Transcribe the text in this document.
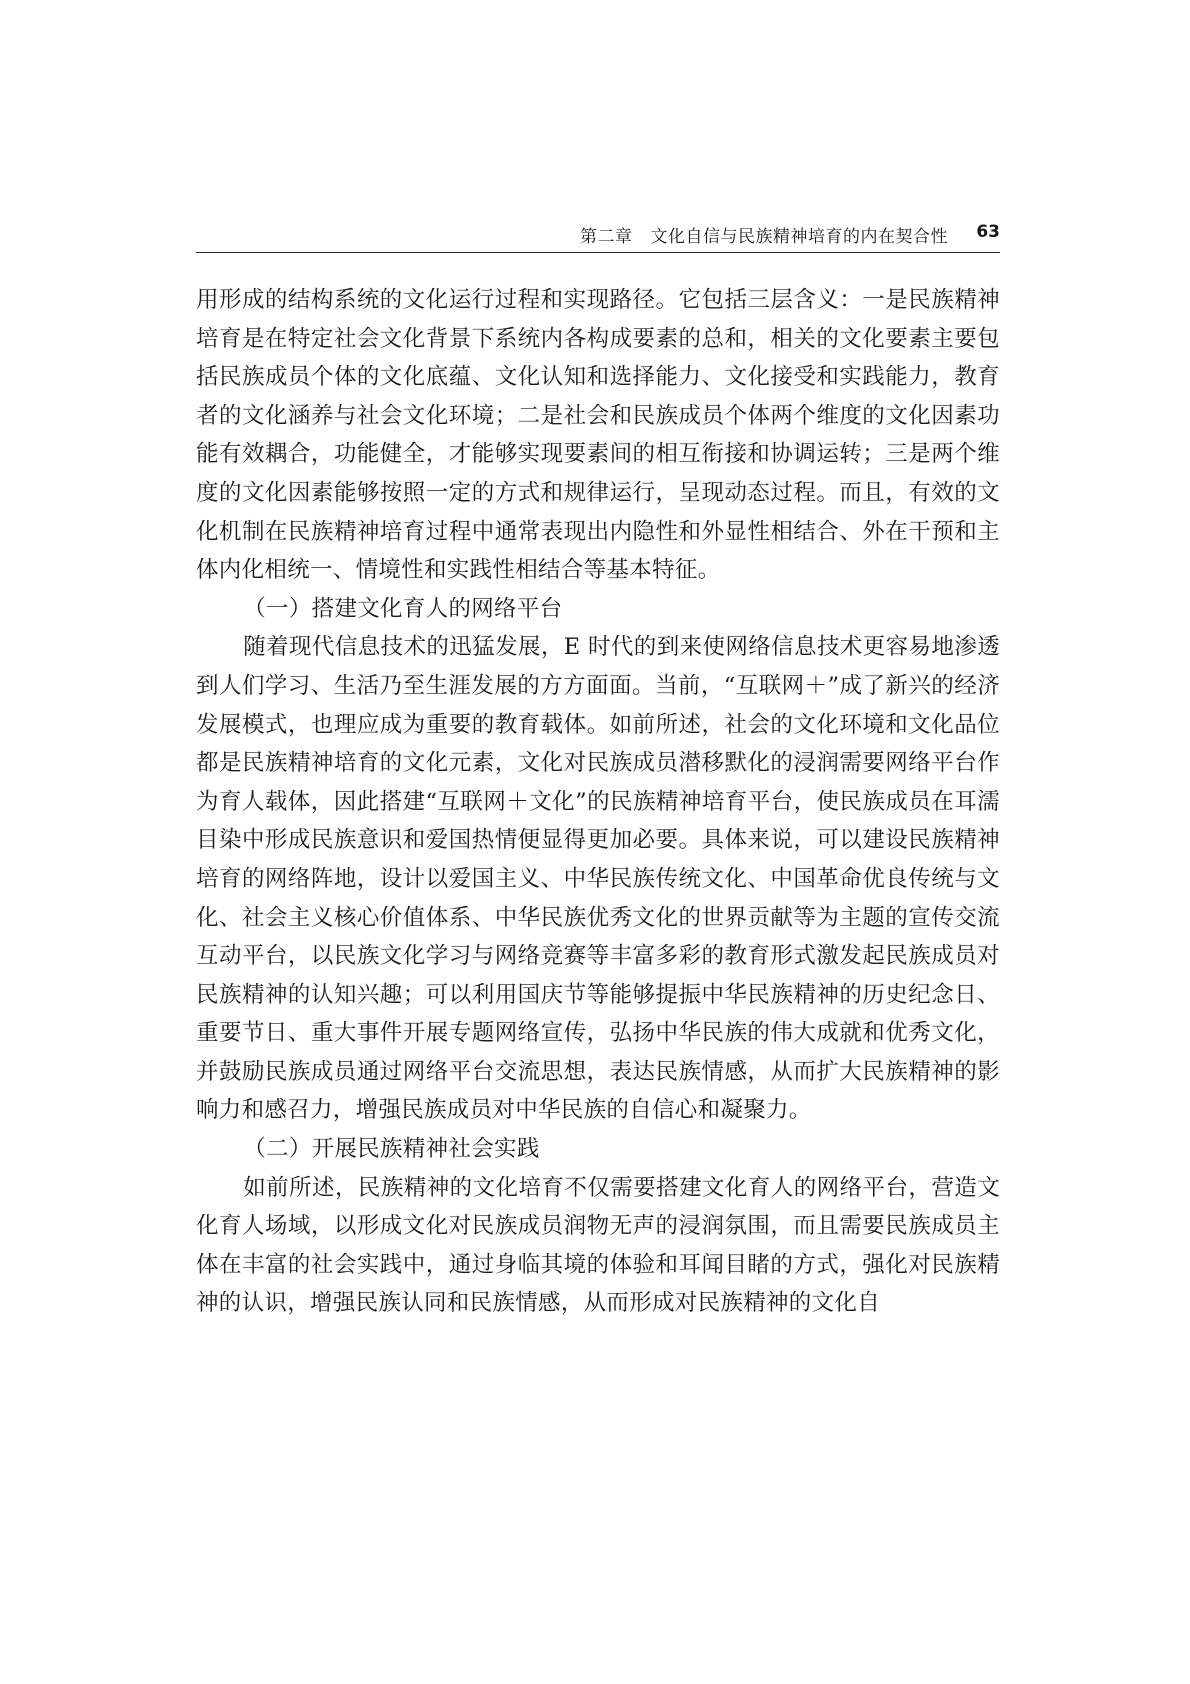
第二章 文化自信与民族精神培育的内在契合性 63

用形成的结构系统的文化运行过程和实现路径。它包括三层含义：一是民族精神培育是在特定社会文化背景下系统内各构成要素的总和，相关的文化要素主要包括民族成员个体的文化底蕴、文化认知和选择能力、文化接受和实践能力，教育者的文化涵养与社会文化环境；二是社会和民族成员个体两个维度的文化因素功能有效耦合，功能健全，才能够实现要素间的相互衔接和协调运转；三是两个维度的文化因素能够按照一定的方式和规律运行，呈现动态过程。而且，有效的文化机制在民族精神培育过程中通常表现出内隐性和外显性相结合、外在干预和主体内化相统一、情境性和实践性相结合等基本特征。

（一）搭建文化育人的网络平台

随着现代信息技术的迅猛发展，E 时代的到来使网络信息技术更容易地渗透到人们学习、生活乃至生涯发展的方方面面。当前，“互联网＋”成了新兴的经济发展模式，也理应成为重要的教育载体。如前所述，社会的文化环境和文化品位都是民族精神培育的文化元素，文化对民族成员潜移默化的浸润需要网络平台作为育人载体，因此搭建“互联网＋文化”的民族精神培育平台，使民族成员在耳濡目染中形成民族意识和爱国热情便显得更加必要。具体来说，可以建设民族精神培育的网络阵地，设计以爱国主义、中华民族传统文化、中国革命优良传统与文化、社会主义核心价值体系、中华民族优秀文化的世界贡献等为主题的宣传交流互动平台，以民族文化学习与网络竞赛等丰富多彩的教育形式激发起民族成员对民族精神的认知兴趣；可以利用国庆节等能够提振中华民族精神的历史纪念日、重要节日、重大事件开展专题网络宣传，弘扬中华民族的伟大成就和优秀文化，并鼓励民族成员通过网络平台交流思想，表达民族情感，从而扩大民族精神的影响力和感召力，增强民族成员对中华民族的自信心和凝聚力。

（二）开展民族精神社会实践

如前所述，民族精神的文化培育不仅需要搭建文化育人的网络平台，营造文化育人场域，以形成文化对民族成员润物无声的浸润氛围，而且需要民族成员主体在丰富的社会实践中，通过身临其境的体验和耳闻目睹的方式，强化对民族精神的认识，增强民族认同和民族情感，从而形成对民族精神的文化自
